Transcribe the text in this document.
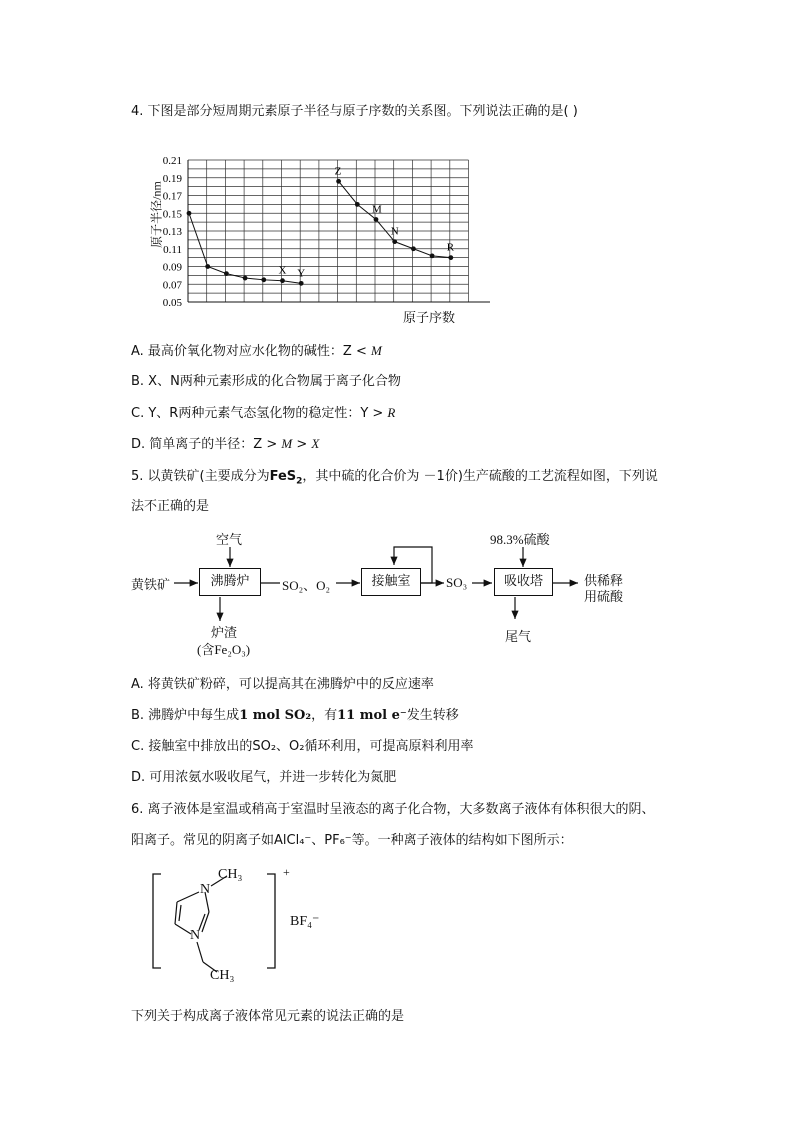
4. 下图是部分短周期元素原子半径与原子序数的关系图。下列说法正确的是( )
0.21
0.19
0.17
0.15
0.13
0.11
0.09
0.07
0.05
X Y
Z
M
N
R
原子半径/nm
原子序数
A. 最高价氧化物对应水化物的碱性：Z < M
B. X、N两种元素形成的化合物属于离子化合物
C. Y、R两种元素气态氢化物的稳定性：Y > R
D. 简单离子的半径：Z > M > X
5. 以黄铁矿(主要成分为FeS$_2$，其中硫的化合价为 －1价)生产硫酸的工艺流程如图，下列说
法不正确的是
黄铁矿
空气
沸腾炉	SO₂、O₂	接触室	SO₃
98.3%硫酸
吸收塔	供稀释
用硫酸
炉渣
(含Fe₂O₃)
尾气
A. 将黄铁矿粉碎，可以提高其在沸腾炉中的反应速率
B. 沸腾炉中每生成1 mol SO₂，有11 mol e⁻发生转移
C. 接触室中排放出的SO₂、O₂循环利用，可提高原料利用率
D. 可用浓氨水吸收尾气，并进一步转化为氮肥
6. 离子液体是室温或稍高于室温时呈液态的离子化合物，大多数离子液体有体积很大的阴、
阳离子。常见的阴离子如AlCl₄⁻、PF₆⁻等。一种离子液体的结构如下图所示：
N
N
CH₃
CH₃
+
BF₄⁻
下列关于构成离子液体常见元素的说法正确的是
